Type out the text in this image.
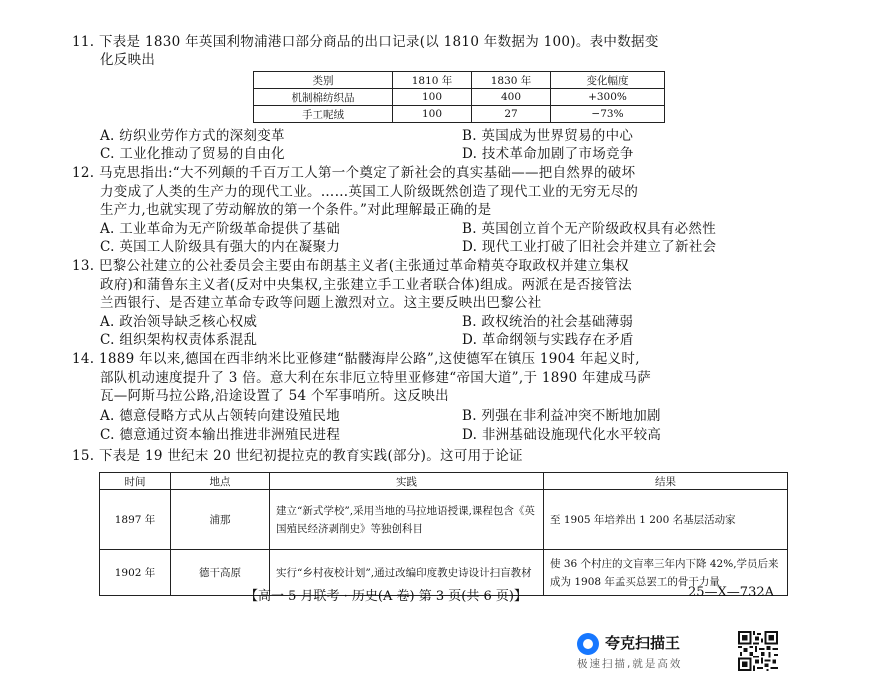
11. 下表是 1830 年英国利物浦港口部分商品的出口记录(以 1810 年数据为 100)。表中数据变
化反映出
类别	1810 年	1830 年	变化幅度
机制棉纺织品	100	400	+300%
手工呢绒	100	27	−73%
A. 纺织业劳作方式的深刻变革	B. 英国成为世界贸易的中心
C. 工业化推动了贸易的自由化	D. 技术革命加剧了市场竞争
12. 马克思指出:“大不列颠的千百万工人第一个奠定了新社会的真实基础——把自然界的破坏
力变成了人类的生产力的现代工业。……英国工人阶级既然创造了现代工业的无穷无尽的
生产力,也就实现了劳动解放的第一个条件。”对此理解最正确的是
A. 工业革命为无产阶级革命提供了基础	B. 英国创立首个无产阶级政权具有必然性
C. 英国工人阶级具有强大的内在凝聚力	D. 现代工业打破了旧社会并建立了新社会
13. 巴黎公社建立的公社委员会主要由布朗基主义者(主张通过革命精英夺取政权并建立集权
政府)和蒲鲁东主义者(反对中央集权,主张建立手工业者联合体)组成。两派在是否接管法
兰西银行、是否建立革命专政等问题上激烈对立。这主要反映出巴黎公社
A. 政治领导缺乏核心权威	B. 政权统治的社会基础薄弱
C. 组织架构权责体系混乱	D. 革命纲领与实践存在矛盾
14. 1889 年以来,德国在西非纳米比亚修建“骷髅海岸公路”,这使德军在镇压 1904 年起义时,
部队机动速度提升了 3 倍。意大利在东非厄立特里亚修建“帝国大道”,于 1890 年建成马萨
瓦—阿斯马拉公路,沿途设置了 54 个军事哨所。这反映出
A. 德意侵略方式从占领转向建设殖民地	B. 列强在非利益冲突不断地加剧
C. 德意通过资本输出推进非洲殖民进程	D. 非洲基础设施现代化水平较高
15. 下表是 19 世纪末 20 世纪初提拉克的教育实践(部分)。这可用于论证
时间	地点	实践	结果
1897 年	浦那	建立“新式学校”,采用当地的马拉地语授课,课程包含《英国殖民经济剥削史》等独创科目	至 1905 年培养出 1 200 名基层活动家
1902 年	德干高原	实行“乡村夜校计划”,通过改编印度教史诗设计扫盲教材	使 36 个村庄的文盲率三年内下降 42%,学员后来成为 1908 年孟买总罢工的骨干力量
【高一 5 月联考 · 历史(A 卷) 第 3 页(共 6 页)】	25—X—732A
夸克扫描王
极速扫描,就是高效
